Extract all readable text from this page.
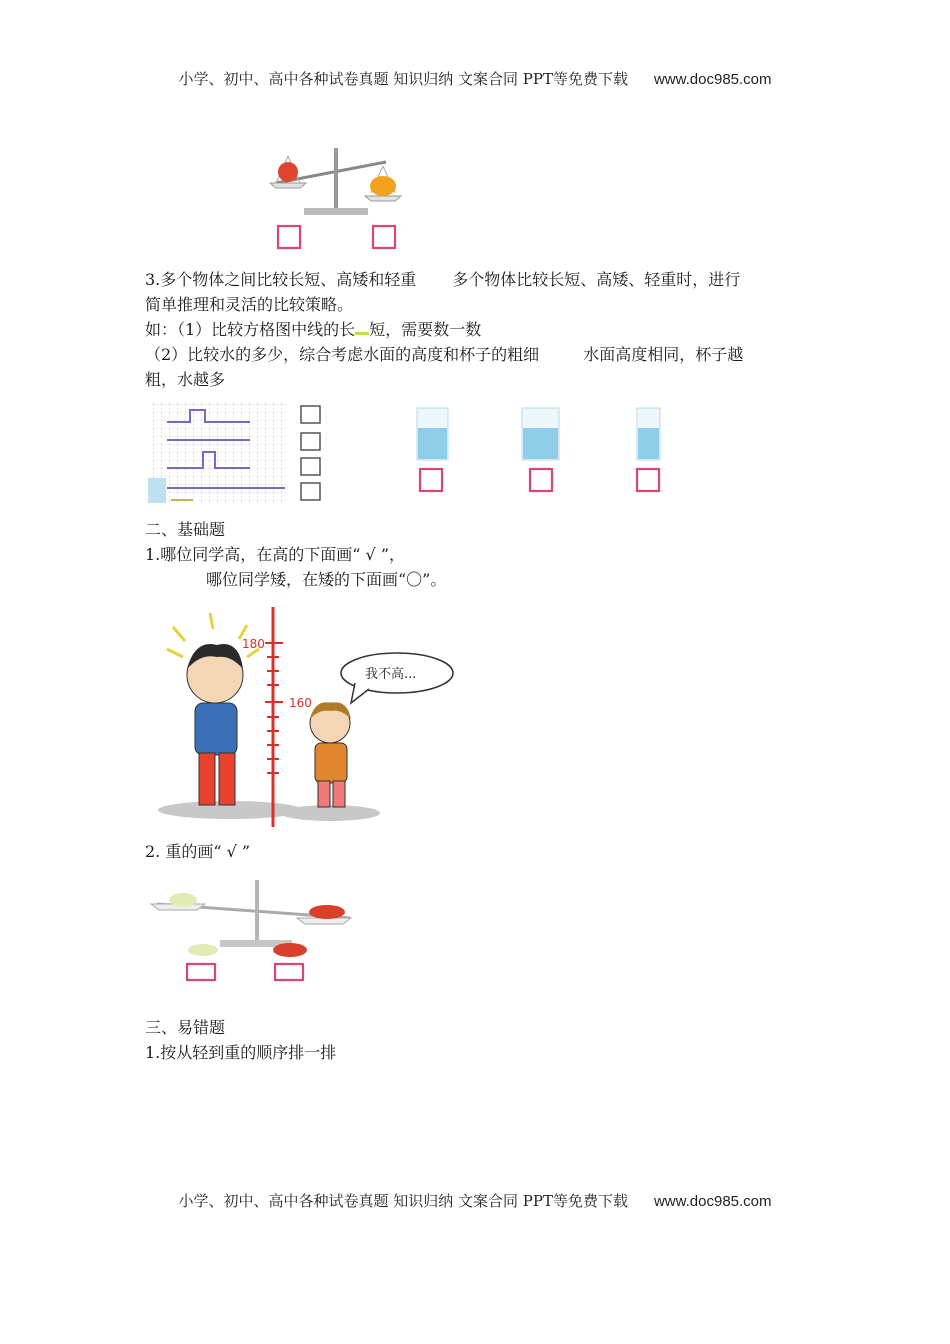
小学、初中、高中各种试卷真题 知识归纳 文案合同 PPT等免费下载 www.doc985.com
3.多个物体之间比较长短、高矮和轻重 多个物体比较长短、高矮、轻重时，进行
简单推理和灵活的比较策略。
如：（1）比较方格图中线的长 短，需要数一数
（2）比较水的多少，综合考虑水面的高度和杯子的粗细	水面高度相同，杯子越
粗，水越多
二、基础题
1.哪位同学高，在高的下面画“ √ ”，
哪位同学矮，在矮的下面画“〇”。
180
160
我不高...
2. 重的画“ √ ”
三、易错题
1.按从轻到重的顺序排一排
小学、初中、高中各种试卷真题 知识归纳 文案合同 PPT等免费下载 www.doc985.com
